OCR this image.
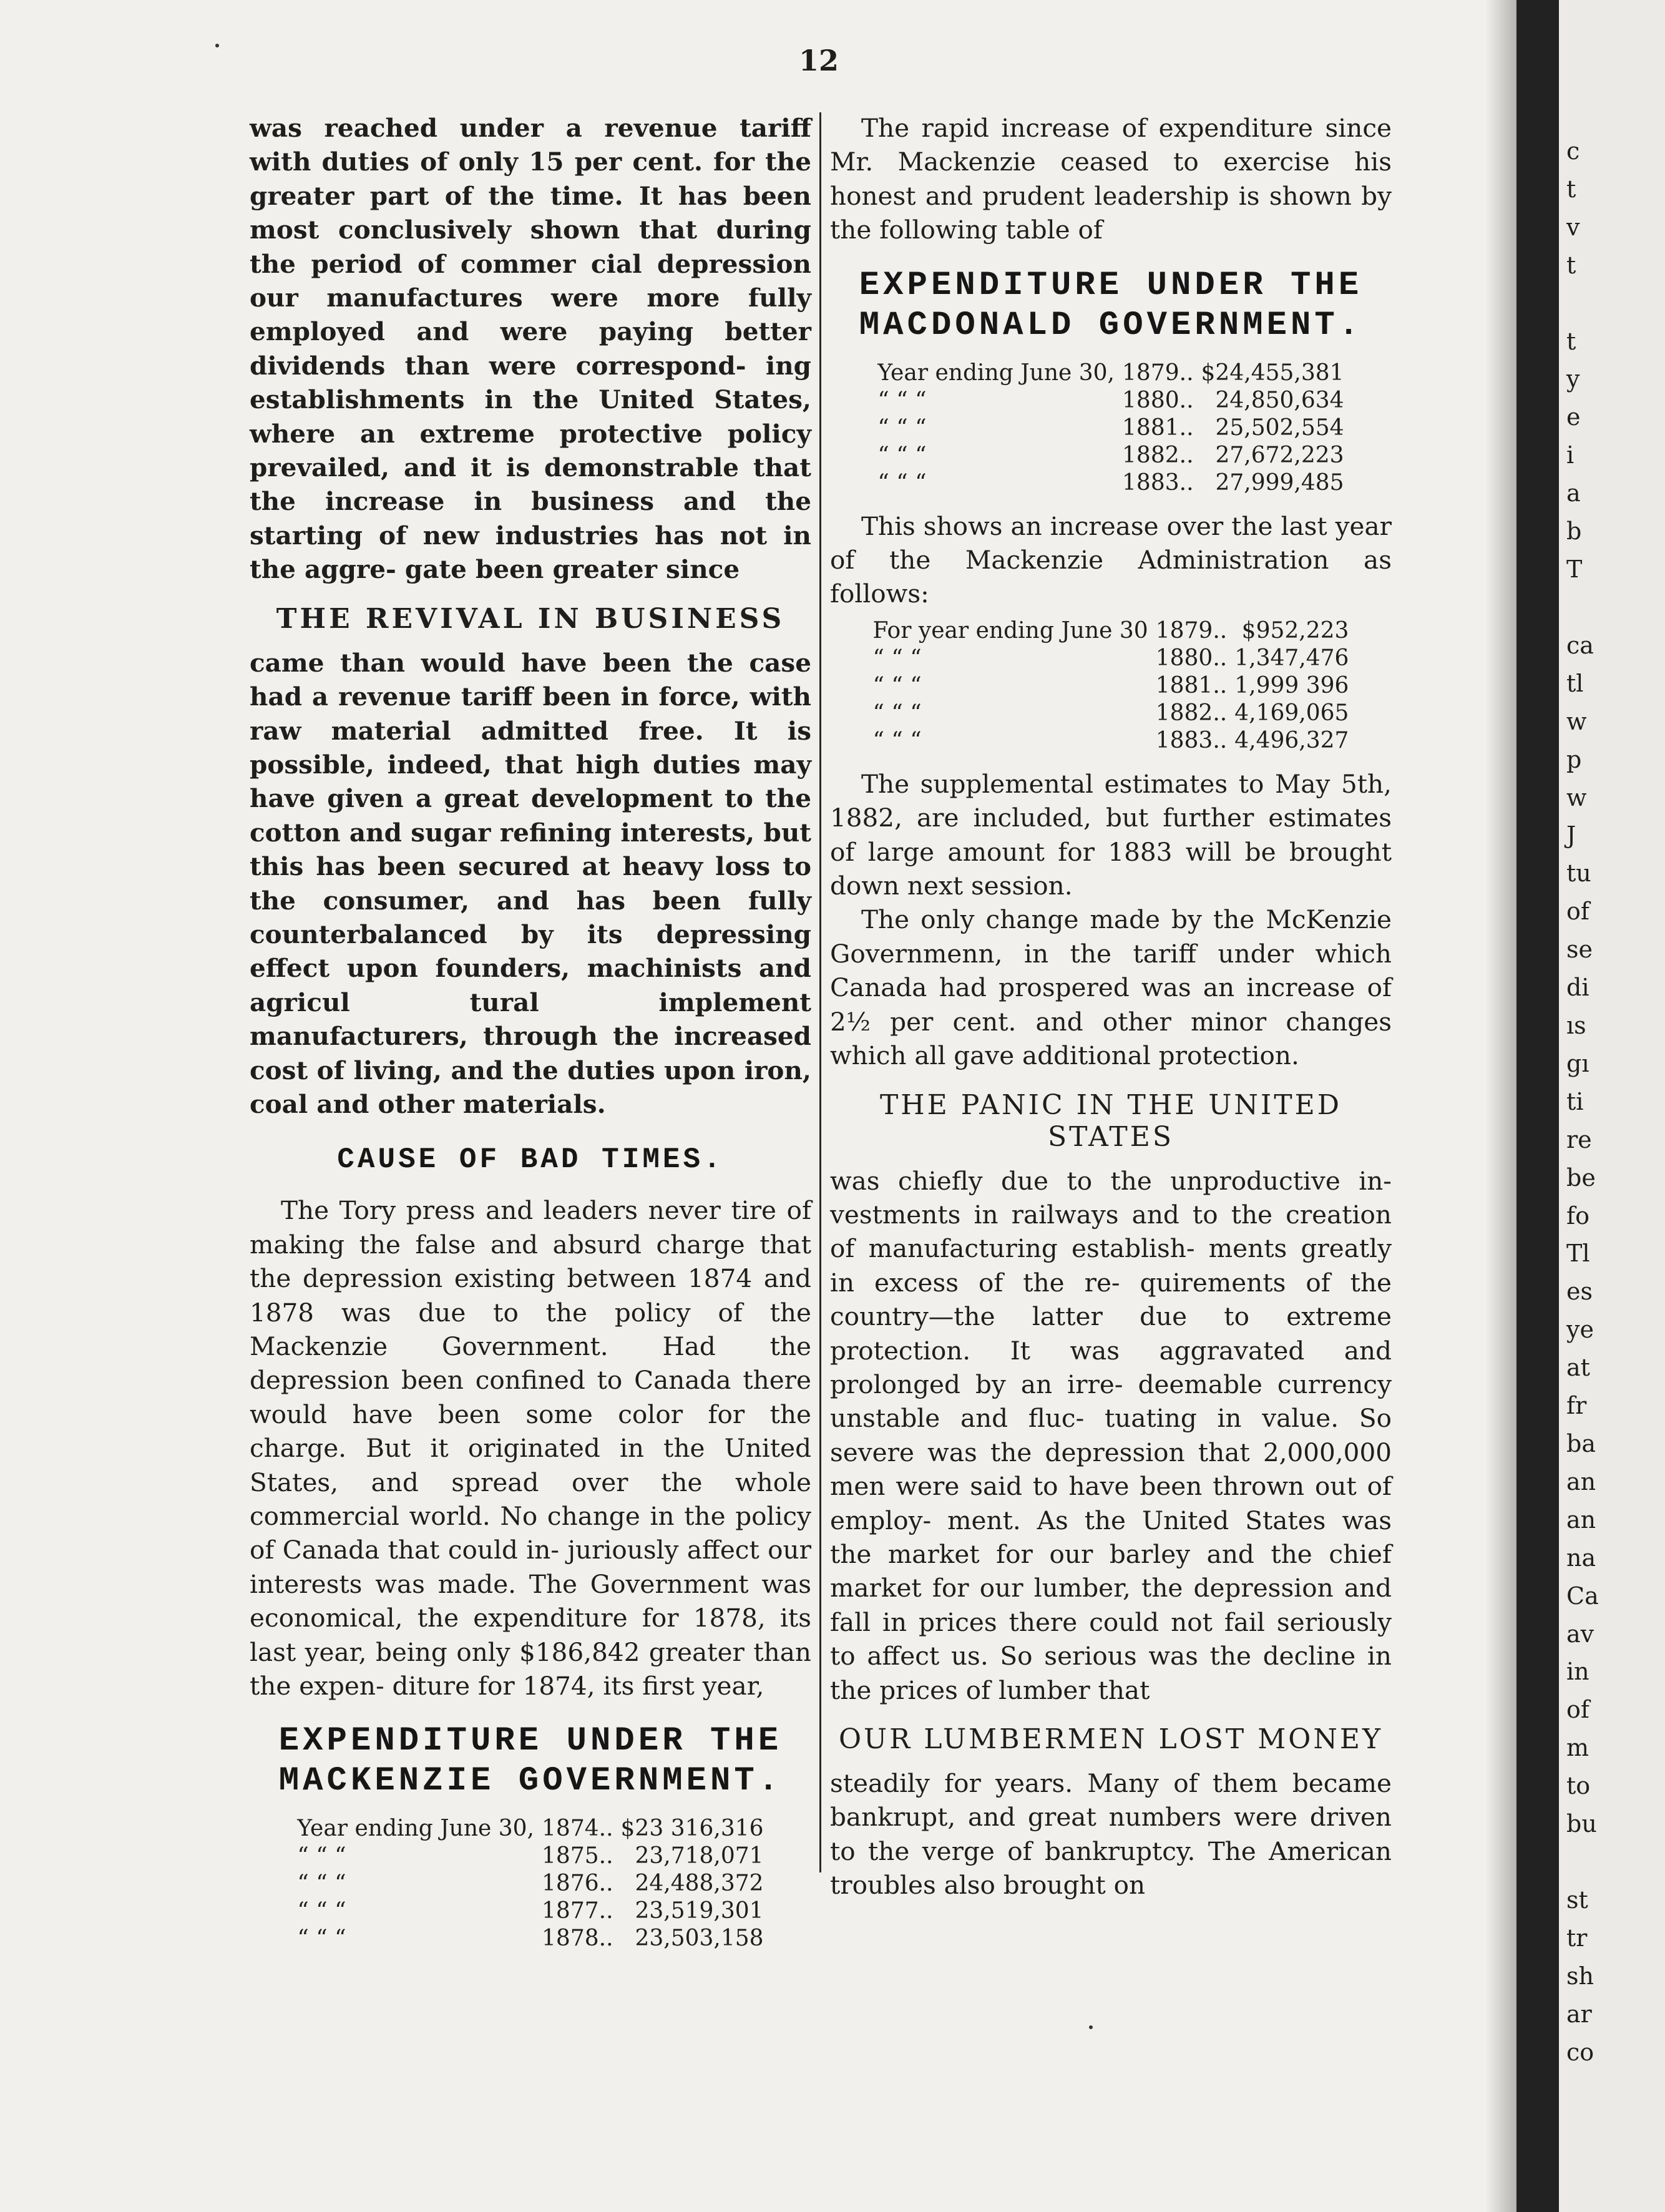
12

was reached under a revenue tariff with duties of only 15 per cent. for the greater part of the time. It has been most conclusively shown that during the period of commer cial depression our manufactures were more fully employed and were paying better dividends than were correspond- ing establishments in the United States, where an extreme protective policy prevailed, and it is demonstrable that the increase in business and the starting of new industries has not in the aggre- gate been greater since

THE REVIVAL IN BUSINESS

came than would have been the case had a revenue tariff been in force, with raw material admitted free. It is possible, indeed, that high duties may have given a great development to the cotton and sugar refining interests, but this has been secured at heavy loss to the consumer, and has been fully counterbalanced by its depressing effect upon founders, machinists and agricul tural implement manufacturers, through the increased cost of living, and the duties upon iron, coal and other materials.

CAUSE OF BAD TIMES.

The Tory press and leaders never tire of making the false and absurd charge that the depression existing between 1874 and 1878 was due to the policy of the Mackenzie Government. Had the depression been confined to Canada there would have been some color for the charge. But it originated in the United States, and spread over the whole commercial world. No change in the policy of Canada that could in- juriously affect our interests was made. The Government was economical, the expenditure for 1878, its last year, being only $186,842 greater than the expen- diture for 1874, its first year,

EXPENDITURE UNDER THE MACKENZIE GOVERNMENT.
Year ending June 30,	1874..	$23 316,316
“ “ “	1875..	23,718,071
“ “ “	1876..	24,488,372
“ “ “	1877..	23,519,301
“ “ “	1878..	23,503,158

The rapid increase of expenditure since Mr. Mackenzie ceased to exercise his honest and prudent leadership is shown by the following table of

EXPENDITURE UNDER THE MACDONALD GOVERNMENT.
Year ending June 30,	1879..	$24,455,381
“ “ “	1880..	24,850,634
“ “ “	1881..	25,502,554
“ “ “	1882..	27,672,223
“ “ “	1883..	27,999,485

This shows an increase over the last year of the Mackenzie Administration as follows:

For year ending June 30	1879..	$952,223
“ “ “	1880..	1,347,476
“ “ “	1881..	1,999 396
“ “ “	1882..	4,169,065
“ “ “	1883..	4,496,327

The supplemental estimates to May 5th, 1882, are included, but further estimates of large amount for 1883 will be brought down next session.

The only change made by the McKenzie Governmenn, in the tariff under which Canada had prospered was an increase of 2½ per cent. and other minor changes which all gave additional protection.

THE PANIC IN THE UNITED STATES

was chiefly due to the unproductive in- vestments in railways and to the creation of manufacturing establish- ments greatly in excess of the re- quirements of the country—the latter due to extreme protection. It was aggravated and prolonged by an irre- deemable currency unstable and fluc- tuating in value. So severe was the depression that 2,000,000 men were said to have been thrown out of employ- ment. As the United States was the market for our barley and the chief market for our lumber, the depression and fall in prices there could not fail seriously to affect us. So serious was the decline in the prices of lumber that

OUR LUMBERMEN LOST MONEY

steadily for years. Many of them became bankrupt, and great numbers were driven to the verge of bankruptcy. The American troubles also brought on

c
t
v
t
t
y
e
i
a
b
T
ca
tl
w
p
w
J
tu
of
se
di
ıs
gı
ti
re
be
fo
Tl
es
ye
at
fr
ba
an
an
na
Ca
av
in
of
m
to
bu
st
tr
sh
ar
co
